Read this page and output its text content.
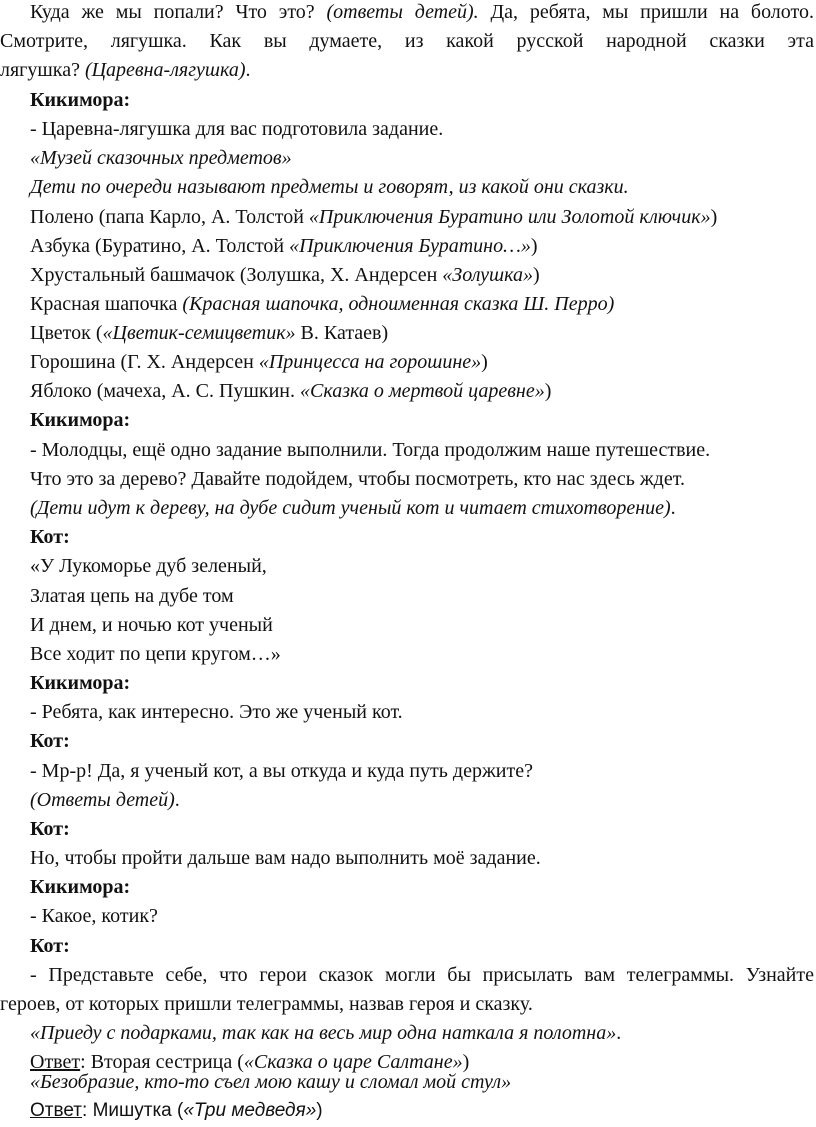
Куда же мы попали? Что это? (ответы детей). Да, ребята, мы пришли на болото.
Смотрите, лягушка. Как вы думаете, из какой русской народной сказки эта
лягушка? (Царевна-лягушка).
Кикимора:
- Царевна-лягушка для вас подготовила задание.
«Музей сказочных предметов»
Дети по очереди называют предметы и говорят, из какой они сказки.
Полено (папа Карло, А. Толстой «Приключения Буратино или Золотой ключик»)
Азбука (Буратино, А. Толстой «Приключения Буратино…»)
Хрустальный башмачок (Золушка, Х. Андерсен «Золушка»)
Красная шапочка (Красная шапочка, одноименная сказка Ш. Перро)
Цветок («Цветик-семицветик» В. Катаев)
Горошина (Г. Х. Андерсен «Принцесса на горошине»)
Яблоко (мачеха, А. С. Пушкин. «Сказка о мертвой царевне»)
Кикимора:
- Молодцы, ещё одно задание выполнили. Тогда продолжим наше путешествие.
Что это за дерево? Давайте подойдем, чтобы посмотреть, кто нас здесь ждет.
(Дети идут к дереву, на дубе сидит ученый кот и читает стихотворение).
Кот:
«У Лукоморье дуб зеленый,
Златая цепь на дубе том
И днем, и ночью кот ученый
Все ходит по цепи кругом…»
Кикимора:
- Ребята, как интересно. Это же ученый кот.
Кот:
- Мр-р! Да, я ученый кот, а вы откуда и куда путь держите?
(Ответы детей).
Кот:
Но, чтобы пройти дальше вам надо выполнить моё задание.
Кикимора:
- Какое, котик?
Кот:
- Представьте себе, что герои сказок могли бы присылать вам телеграммы. Узнайте
героев, от которых пришли телеграммы, назвав героя и сказку.
«Приеду с подарками, так как на весь мир одна наткала я полотна».
Ответ: Вторая сестрица («Сказка о царе Салтане»)
«Безобразие, кто-то съел мою кашу и сломал мой стул»
Ответ: Мишутка («Три медведя»)
